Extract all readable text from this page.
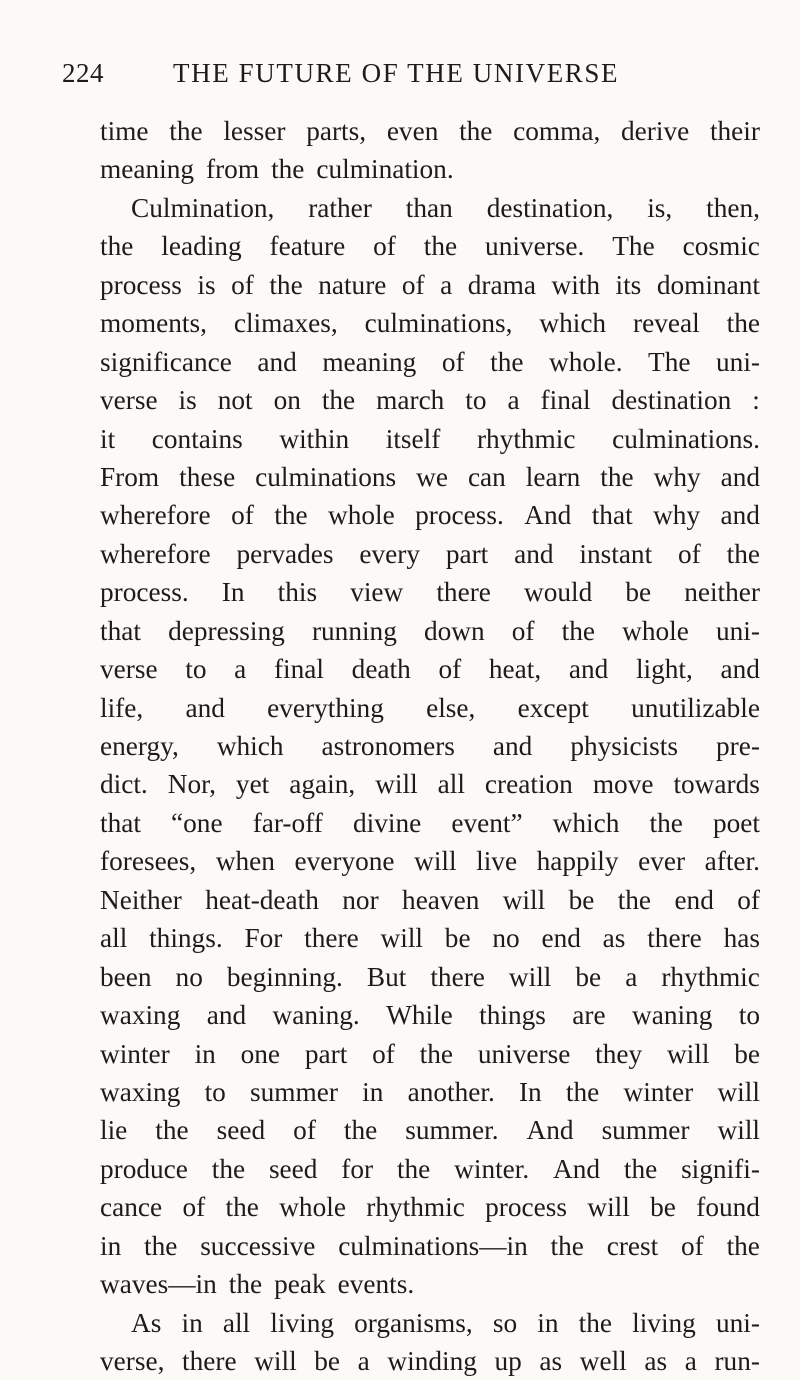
224	THE FUTURE OF THE UNIVERSE
time the lesser parts, even the comma, derive their
meaning from the culmination.
Culmination, rather than destination, is, then,
the leading feature of the universe. The cosmic
process is of the nature of a drama with its dominant
moments, climaxes, culminations, which reveal the
significance and meaning of the whole. The uni-
verse is not on the march to a final destination :
it contains within itself rhythmic culminations.
From these culminations we can learn the why and
wherefore of the whole process. And that why and
wherefore pervades every part and instant of the
process. In this view there would be neither
that depressing running down of the whole uni-
verse to a final death of heat, and light, and
life, and everything else, except unutilizable
energy, which astronomers and physicists pre-
dict. Nor, yet again, will all creation move towards
that “one far-off divine event” which the poet
foresees, when everyone will live happily ever after.
Neither heat-death nor heaven will be the end of
all things. For there will be no end as there has
been no beginning. But there will be a rhythmic
waxing and waning. While things are waning to
winter in one part of the universe they will be
waxing to summer in another. In the winter will
lie the seed of the summer. And summer will
produce the seed for the winter. And the signifi-
cance of the whole rhythmic process will be found
in the successive culminations—in the crest of the
waves—in the peak events.
As in all living organisms, so in the living uni-
verse, there will be a winding up as well as a run-
